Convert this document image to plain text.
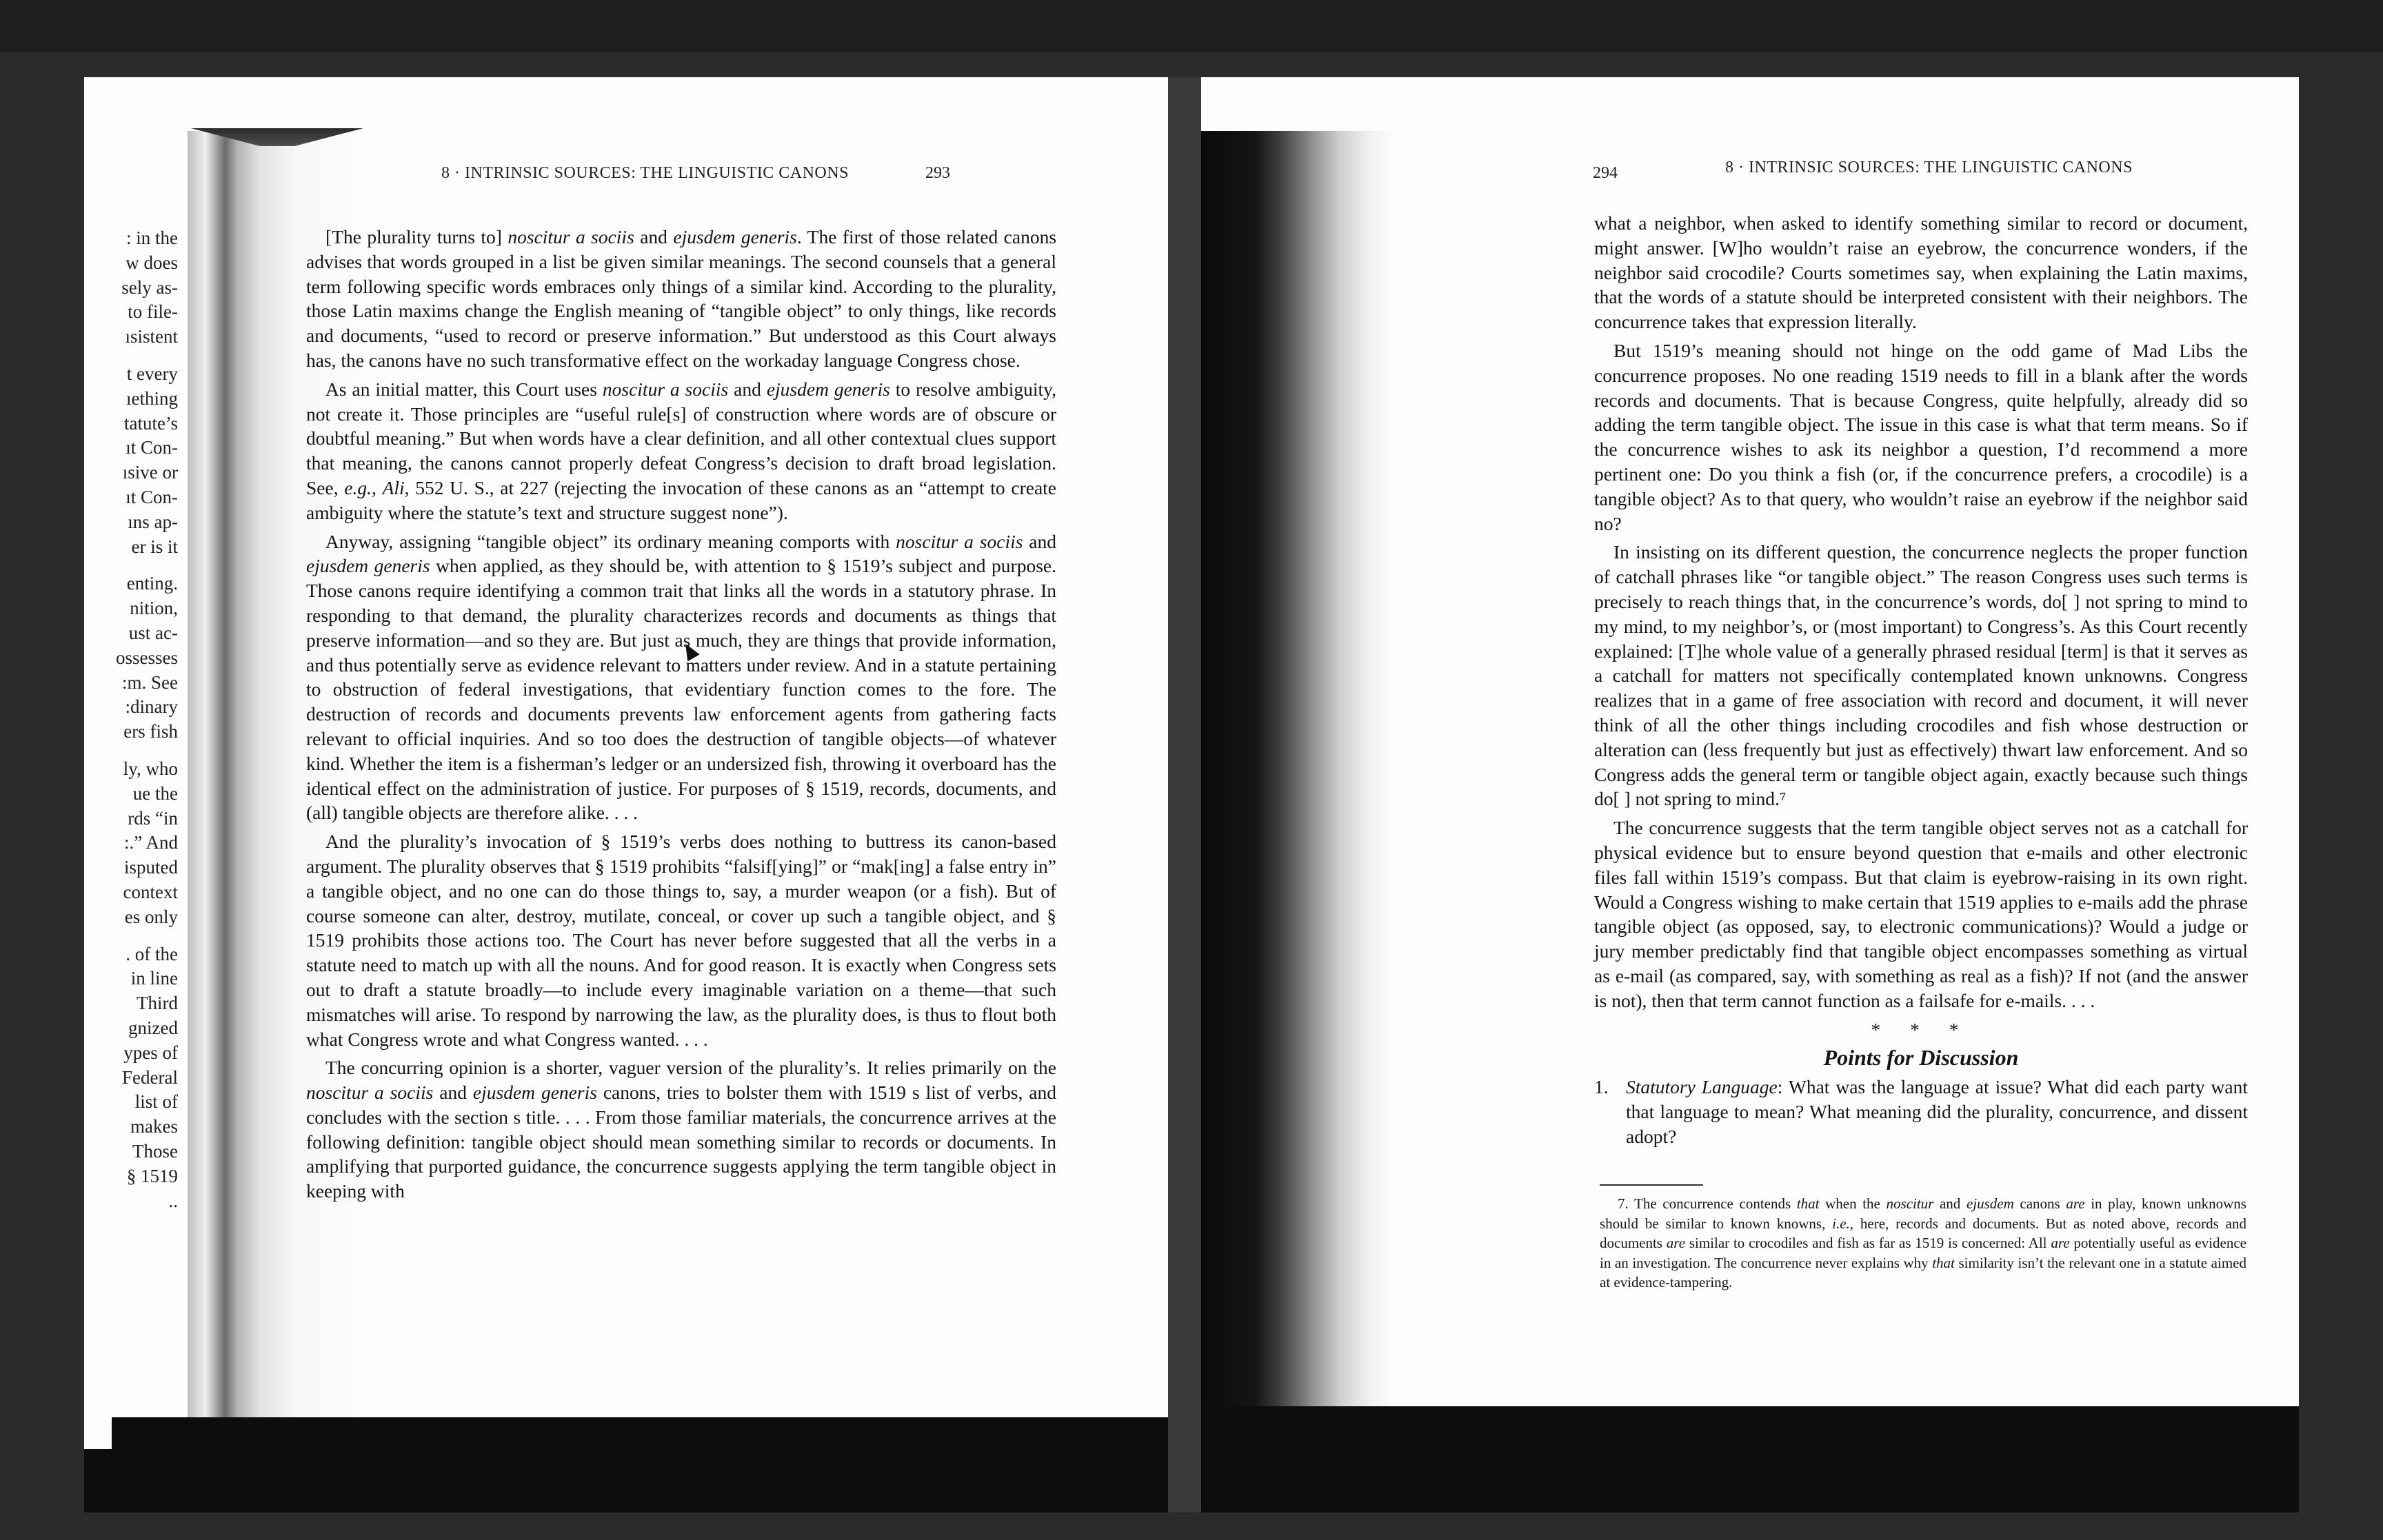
: in the
w does
sely as-
to file-
ısistent
t every
ıething
tatute’s
ıt Con-
ısive or
ıt Con-
ıns ap-
er is it
enting.
nition,
ust ac-
ossesses
:m. See
:dinary
ers fish
ly, who
ue the
rds “in
:.” And
isputed
context
es only
. of the
in line
Third
gnized
ypes of
Federal
list of
makes
Those
§ 1519
..
8 · INTRINSIC SOURCES: THE LINGUISTIC CANONS	293

[The plurality turns to] noscitur a sociis and ejusdem generis. The first of those related canons advises that words grouped in a list be given similar meanings. The second counsels that a general term following specific words embraces only things of a similar kind. According to the plurality, those Latin maxims change the English meaning of “tangible object” to only things, like records and documents, “used to record or preserve information.” But understood as this Court always has, the canons have no such transformative effect on the workaday language Congress chose.

As an initial matter, this Court uses noscitur a sociis and ejusdem generis to resolve ambiguity, not create it. Those principles are “useful rule[s] of construction where words are of obscure or doubtful meaning.” But when words have a clear definition, and all other contextual clues support that meaning, the canons cannot properly defeat Congress’s decision to draft broad legislation. See, e.g., Ali, 552 U. S., at 227 (rejecting the invocation of these canons as an “attempt to create ambiguity where the statute’s text and structure suggest none”).

Anyway, assigning “tangible object” its ordinary meaning comports with noscitur a sociis and ejusdem generis when applied, as they should be, with attention to § 1519’s subject and purpose. Those canons require identifying a common trait that links all the words in a statutory phrase. In responding to that demand, the plurality characterizes records and documents as things that preserve information—and so they are. But just as much, they are things that provide information, and thus potentially serve as evidence relevant to matters under review. And in a statute pertaining to obstruction of federal investigations, that evidentiary function comes to the fore. The destruction of records and documents prevents law enforcement agents from gathering facts relevant to official inquiries. And so too does the destruction of tangible objects—of whatever kind. Whether the item is a fisherman’s ledger or an undersized fish, throwing it overboard has the identical effect on the administration of justice. For purposes of § 1519, records, documents, and (all) tangible objects are therefore alike. . . .

And the plurality’s invocation of § 1519’s verbs does nothing to buttress its canon-based argument. The plurality observes that § 1519 prohibits “falsif[ying]” or “mak[ing] a false entry in” a tangible object, and no one can do those things to, say, a murder weapon (or a fish). But of course someone can alter, destroy, mutilate, conceal, or cover up such a tangible object, and § 1519 prohibits those actions too. The Court has never before suggested that all the verbs in a statute need to match up with all the nouns. And for good reason. It is exactly when Congress sets out to draft a statute broadly—to include every imaginable variation on a theme—that such mismatches will arise. To respond by narrowing the law, as the plurality does, is thus to flout both what Congress wrote and what Congress wanted. . . .

The concurring opinion is a shorter, vaguer version of the plurality’s. It relies primarily on the noscitur a sociis and ejusdem generis canons, tries to bolster them with 1519 s list of verbs, and concludes with the section s title. . . . From those familiar materials, the concurrence arrives at the following definition: tangible object should mean something similar to records or documents. In amplifying that purported guidance, the concurrence suggests applying the term tangible object in keeping with

294	8 · INTRINSIC SOURCES: THE LINGUISTIC CANONS

what a neighbor, when asked to identify something similar to record or document, might answer. [W]ho wouldn’t raise an eyebrow, the concurrence wonders, if the neighbor said crocodile? Courts sometimes say, when explaining the Latin maxims, that the words of a statute should be interpreted consistent with their neighbors. The concurrence takes that expression literally.

But 1519’s meaning should not hinge on the odd game of Mad Libs the concurrence proposes. No one reading 1519 needs to fill in a blank after the words records and documents. That is because Congress, quite helpfully, already did so adding the term tangible object. The issue in this case is what that term means. So if the concurrence wishes to ask its neighbor a question, I’d recommend a more pertinent one: Do you think a fish (or, if the concurrence prefers, a crocodile) is a tangible object? As to that query, who wouldn’t raise an eyebrow if the neighbor said no?

In insisting on its different question, the concurrence neglects the proper function of catchall phrases like “or tangible object.” The reason Congress uses such terms is precisely to reach things that, in the concurrence’s words, do[ ] not spring to mind to my mind, to my neighbor’s, or (most important) to Congress’s. As this Court recently explained: [T]he whole value of a generally phrased residual [term] is that it serves as a catchall for matters not specifically contemplated known unknowns. Congress realizes that in a game of free association with record and document, it will never think of all the other things including crocodiles and fish whose destruction or alteration can (less frequently but just as effectively) thwart law enforcement. And so Congress adds the general term or tangible object again, exactly because such things do[ ] not spring to mind.⁷

The concurrence suggests that the term tangible object serves not as a catchall for physical evidence but to ensure beyond question that e-mails and other electronic files fall within 1519’s compass. But that claim is eyebrow-raising in its own right. Would a Congress wishing to make certain that 1519 applies to e-mails add the phrase tangible object (as opposed, say, to electronic communications)? Would a judge or jury member predictably find that tangible object encompasses something as virtual as e-mail (as compared, say, with something as real as a fish)? If not (and the answer is not), then that term cannot function as a failsafe for e-mails. . . .

* * *

Points for Discussion

1. Statutory Language: What was the language at issue? What did each party want that language to mean? What meaning did the plurality, concurrence, and dissent adopt?

7. The concurrence contends that when the noscitur and ejusdem canons are in play, known unknowns should be similar to known knowns, i.e., here, records and documents. But as noted above, records and documents are similar to crocodiles and fish as far as 1519 is concerned: All are potentially useful as evidence in an investigation. The concurrence never explains why that similarity isn’t the relevant one in a statute aimed at evidence-tampering.
